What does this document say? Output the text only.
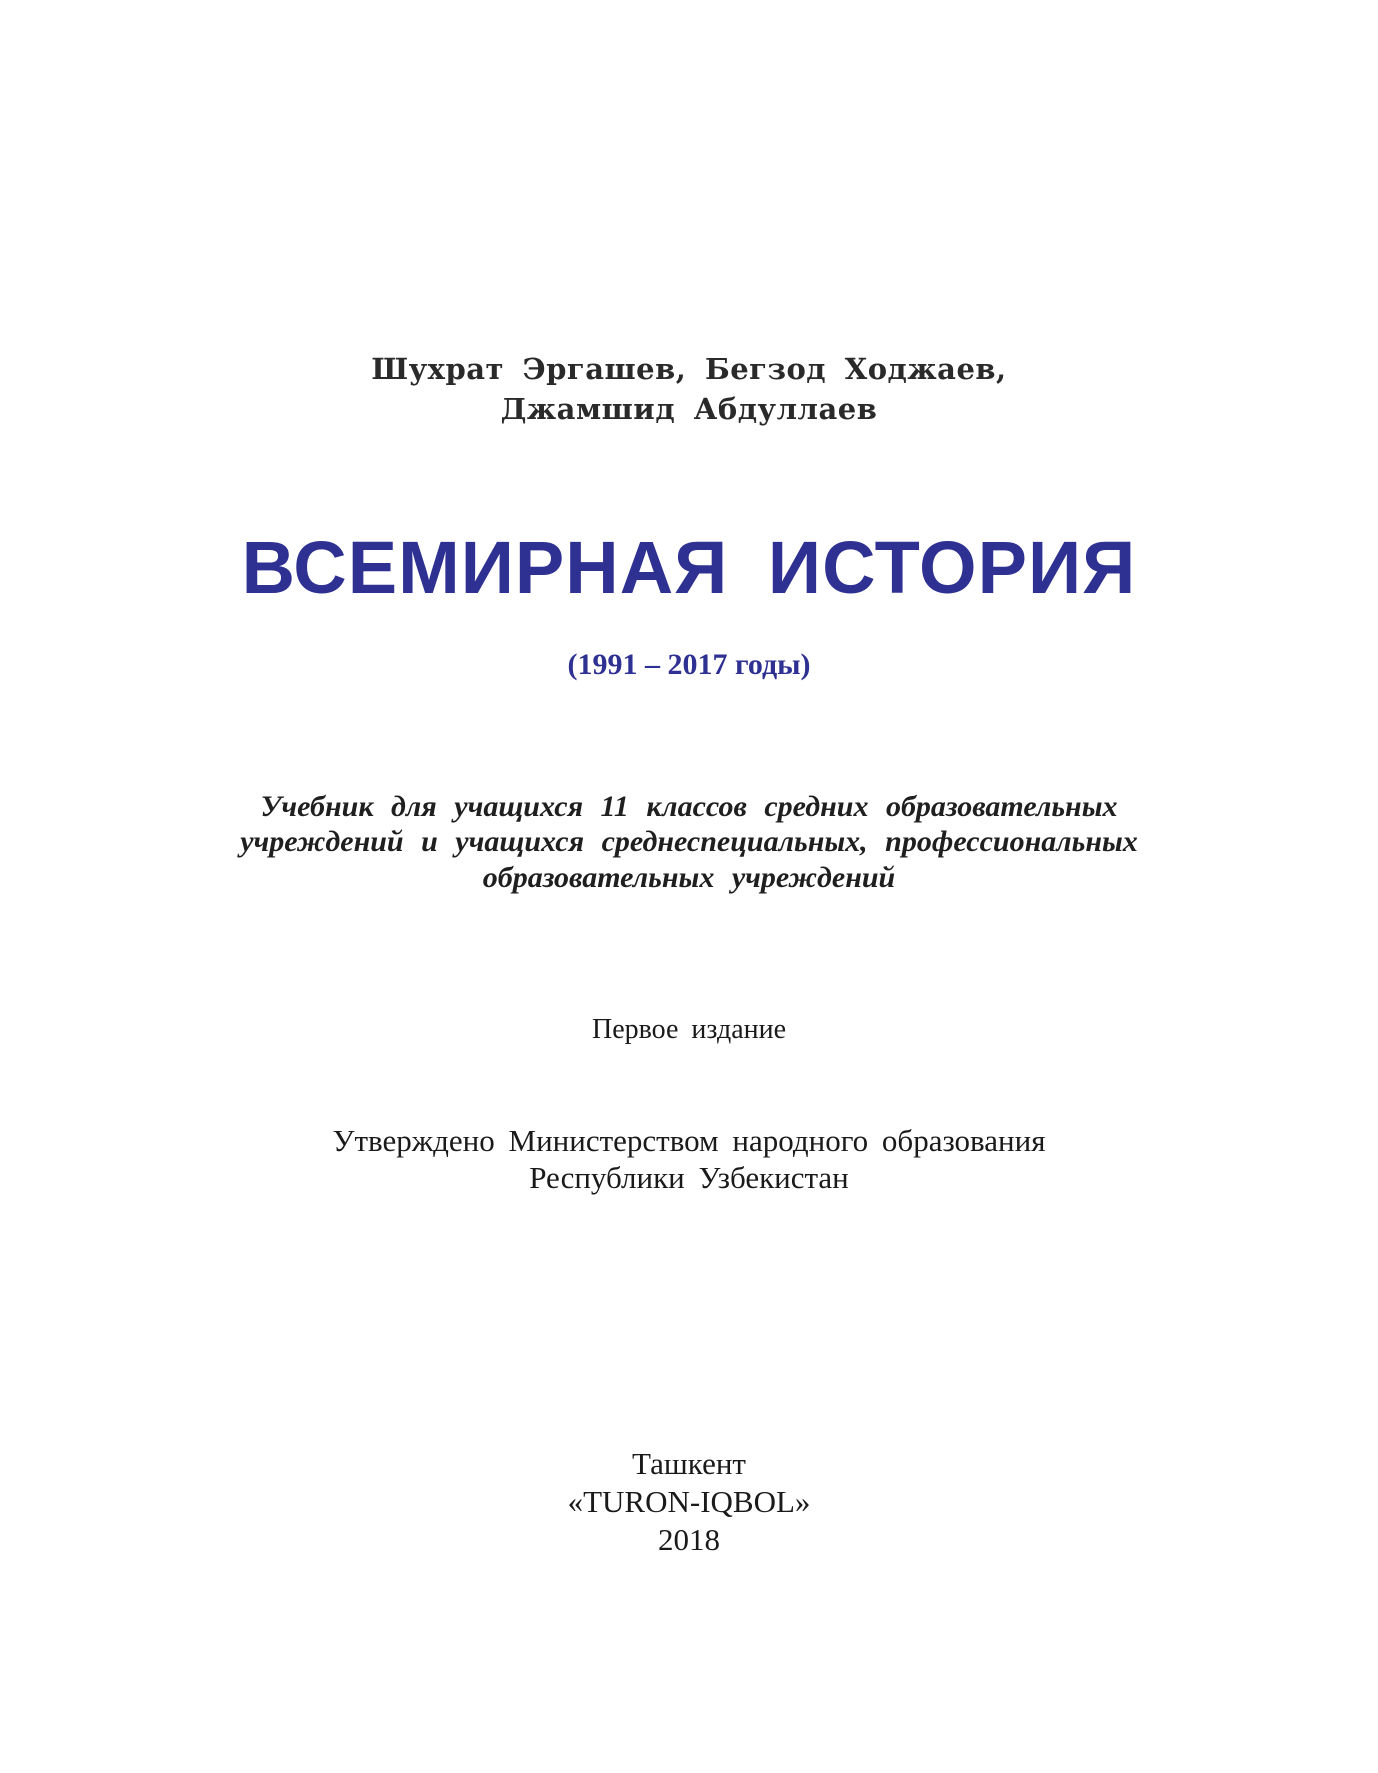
Шухрат Эргашев, Бегзод Ходжаев,
Джамшид Абдуллаев
ВСЕМИРНАЯ ИСТОРИЯ
(1991 – 2017 годы)
Учебник для учащихся 11 классов средних образовательных
учреждений и учащихся среднеспециальных, профессиональных
образовательных учреждений
Первое издание
Утверждено Министерством народного образования
Республики Узбекистан
Ташкент
«TURON-IQBOL»
2018
